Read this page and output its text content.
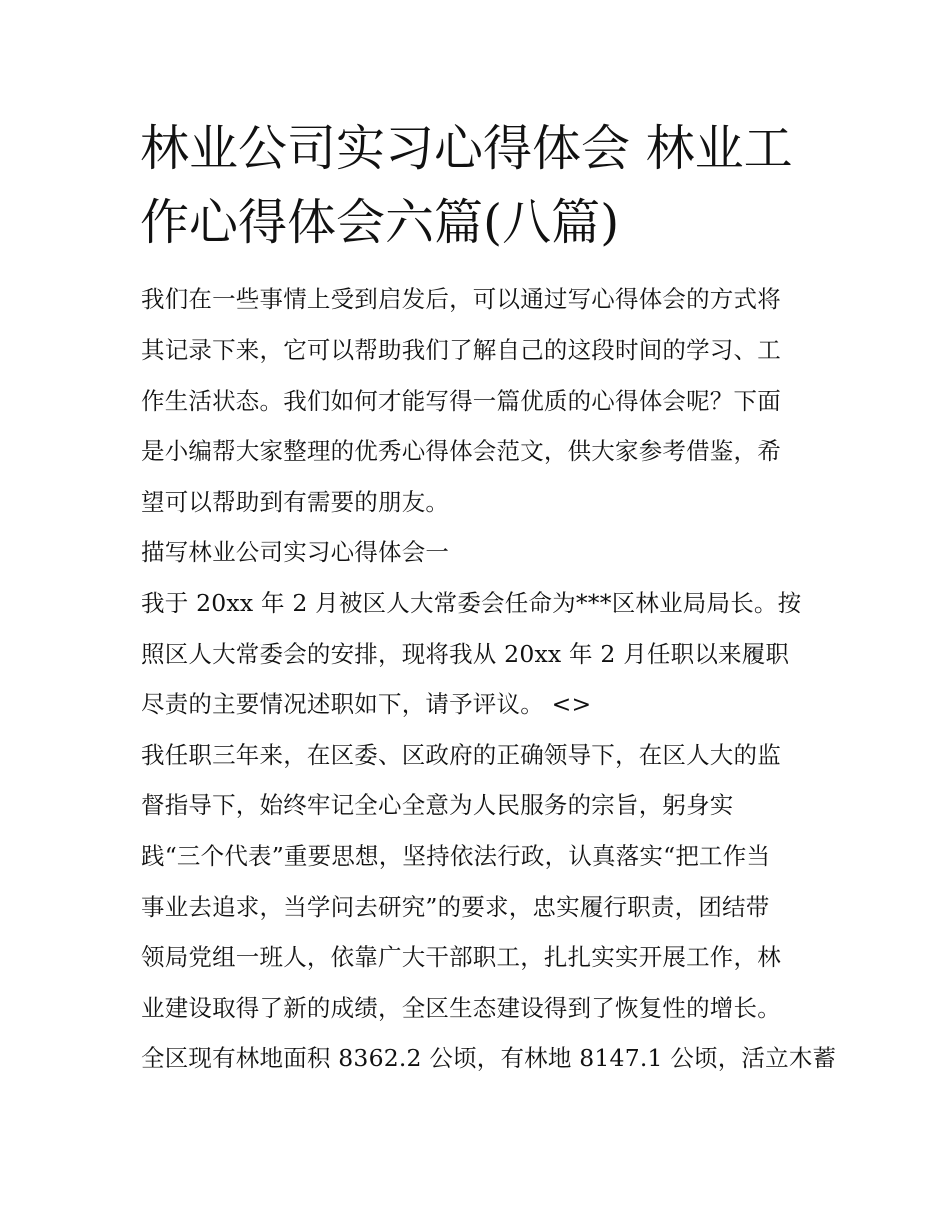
林业公司实习心得体会 林业工
作心得体会六篇(八篇)
我们在一些事情上受到启发后，可以通过写心得体会的方式将
其记录下来，它可以帮助我们了解自己的这段时间的学习、工
作生活状态。我们如何才能写得一篇优质的心得体会呢？下面
是小编帮大家整理的优秀心得体会范文，供大家参考借鉴，希
望可以帮助到有需要的朋友。
描写林业公司实习心得体会一
我于 20xx 年 2 月被区人大常委会任命为***区林业局局长。按
照区人大常委会的安排，现将我从 20xx 年 2 月任职以来履职
尽责的主要情况述职如下，请予评议。 <>
我任职三年来，在区委、区政府的正确领导下，在区人大的监
督指导下，始终牢记全心全意为人民服务的宗旨，躬身实
践“三个代表”重要思想，坚持依法行政，认真落实“把工作当
事业去追求，当学问去研究”的要求，忠实履行职责，团结带
领局党组一班人，依靠广大干部职工，扎扎实实开展工作，林
业建设取得了新的成绩，全区生态建设得到了恢复性的增长。
全区现有林地面积 8362.2 公顷，有林地 8147.1 公顷，活立木蓄
